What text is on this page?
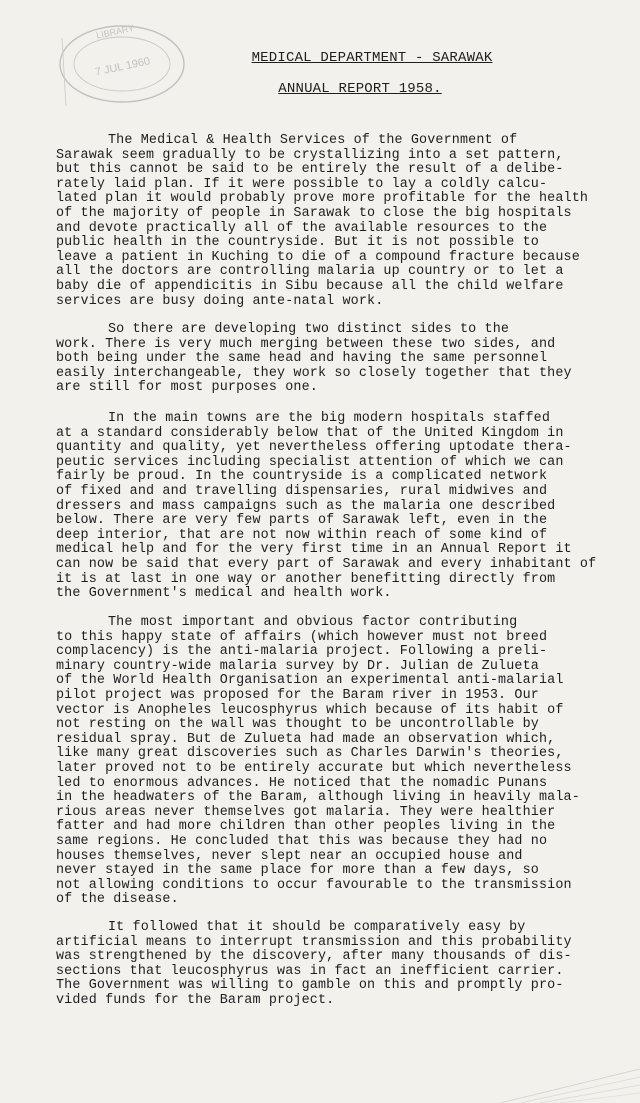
LIBRARY
7 JUL 1960	MEDICAL DEPARTMENT - SARAWAK
ANNUAL REPORT 1958.
The Medical & Health Services of the Government of
Sarawak seem gradually to be crystallizing into a set pattern,
but this cannot be said to be entirely the result of a delibe-
rately laid plan. If it were possible to lay a coldly calcu-
lated plan it would probably prove more profitable for the health
of the majority of people in Sarawak to close the big hospitals
and devote practically all of the available resources to the
public health in the countryside. But it is not possible to
leave a patient in Kuching to die of a compound fracture because
all the doctors are controlling malaria up country or to let a
baby die of appendicitis in Sibu because all the child welfare
services are busy doing ante-natal work.
So there are developing two distinct sides to the
work. There is very much merging between these two sides, and
both being under the same head and having the same personnel
easily interchangeable, they work so closely together that they
are still for most purposes one.
In the main towns are the big modern hospitals staffed
at a standard considerably below that of the United Kingdom in
quantity and quality, yet nevertheless offering uptodate thera-
peutic services including specialist attention of which we can
fairly be proud. In the countryside is a complicated network
of fixed and and travelling dispensaries, rural midwives and
dressers and mass campaigns such as the malaria one described
below. There are very few parts of Sarawak left, even in the
deep interior, that are not now within reach of some kind of
medical help and for the very first time in an Annual Report it
can now be said that every part of Sarawak and every inhabitant of
it is at last in one way or another benefitting directly from
the Government's medical and health work.
The most important and obvious factor contributing
to this happy state of affairs (which however must not breed
complacency) is the anti-malaria project. Following a preli-
minary country-wide malaria survey by Dr. Julian de Zulueta
of the World Health Organisation an experimental anti-malarial
pilot project was proposed for the Baram river in 1953. Our
vector is Anopheles leucosphyrus which because of its habit of
not resting on the wall was thought to be uncontrollable by
residual spray. But de Zulueta had made an observation which,
like many great discoveries such as Charles Darwin's theories,
later proved not to be entirely accurate but which nevertheless
led to enormous advances. He noticed that the nomadic Punans
in the headwaters of the Baram, although living in heavily mala-
rious areas never themselves got malaria. They were healthier
fatter and had more children than other peoples living in the
same regions. He concluded that this was because they had no
houses themselves, never slept near an occupied house and
never stayed in the same place for more than a few days, so
not allowing conditions to occur favourable to the transmission
of the disease.
It followed that it should be comparatively easy by
artificial means to interrupt transmission and this probability
was strengthened by the discovery, after many thousands of dis-
sections that leucosphyrus was in fact an inefficient carrier.
The Government was willing to gamble on this and promptly pro-
vided funds for the Baram project.
